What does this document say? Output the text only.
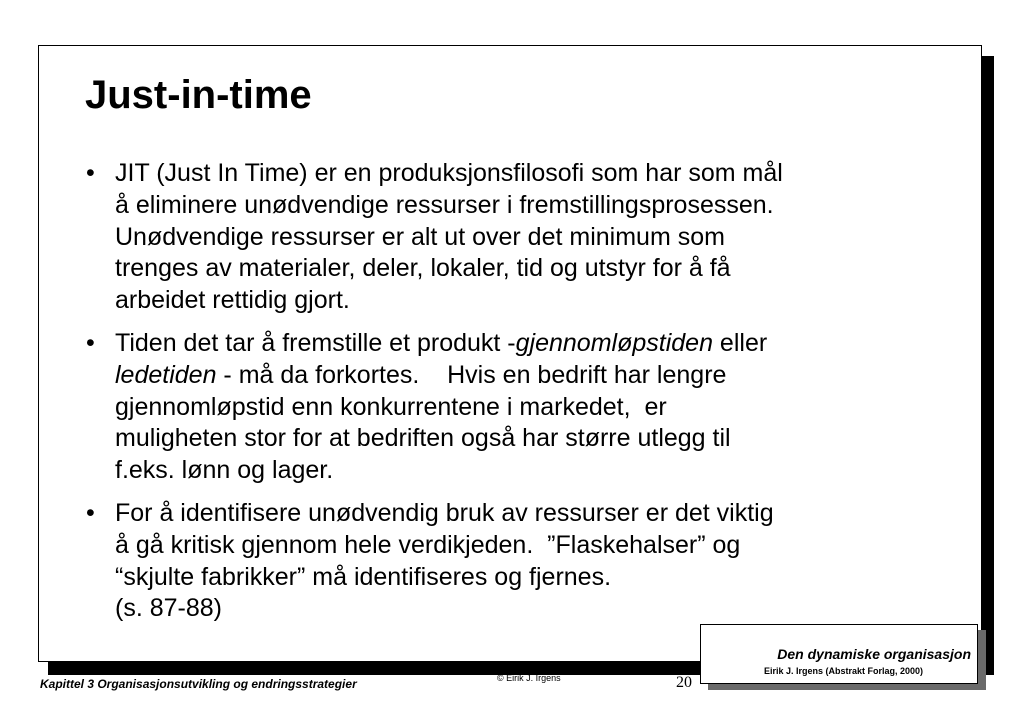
Just-in-time
• JIT (Just In Time) er en produksjonsfilosofi som har som mål
å eliminere unødvendige ressurser i fremstillingsprosessen.
Unødvendige ressurser er alt ut over det minimum som
trenges av materialer, deler, lokaler, tid og utstyr for å få
arbeidet rettidig gjort.
• Tiden det tar å fremstille et produkt -gjennomløpstiden eller
ledetiden - må da forkortes.    Hvis en bedrift har lengre
gjennomløpstid enn konkurrentene i markedet,  er
muligheten stor for at bedriften også har større utlegg til
f.eks. lønn og lager.
• For å identifisere unødvendig bruk av ressurser er det viktig
å gå kritisk gjennom hele verdikjeden.  ”Flaskehalser” og
“skjulte fabrikker” må identifiseres og fjernes.
(s. 87-88)
Den dynamiske organisasjon
Eirik J. Irgens (Abstrakt Forlag, 2000)
Kapittel 3 Organisasjonsutvikling og endringsstrategier	© Eirik J. Irgens	20
